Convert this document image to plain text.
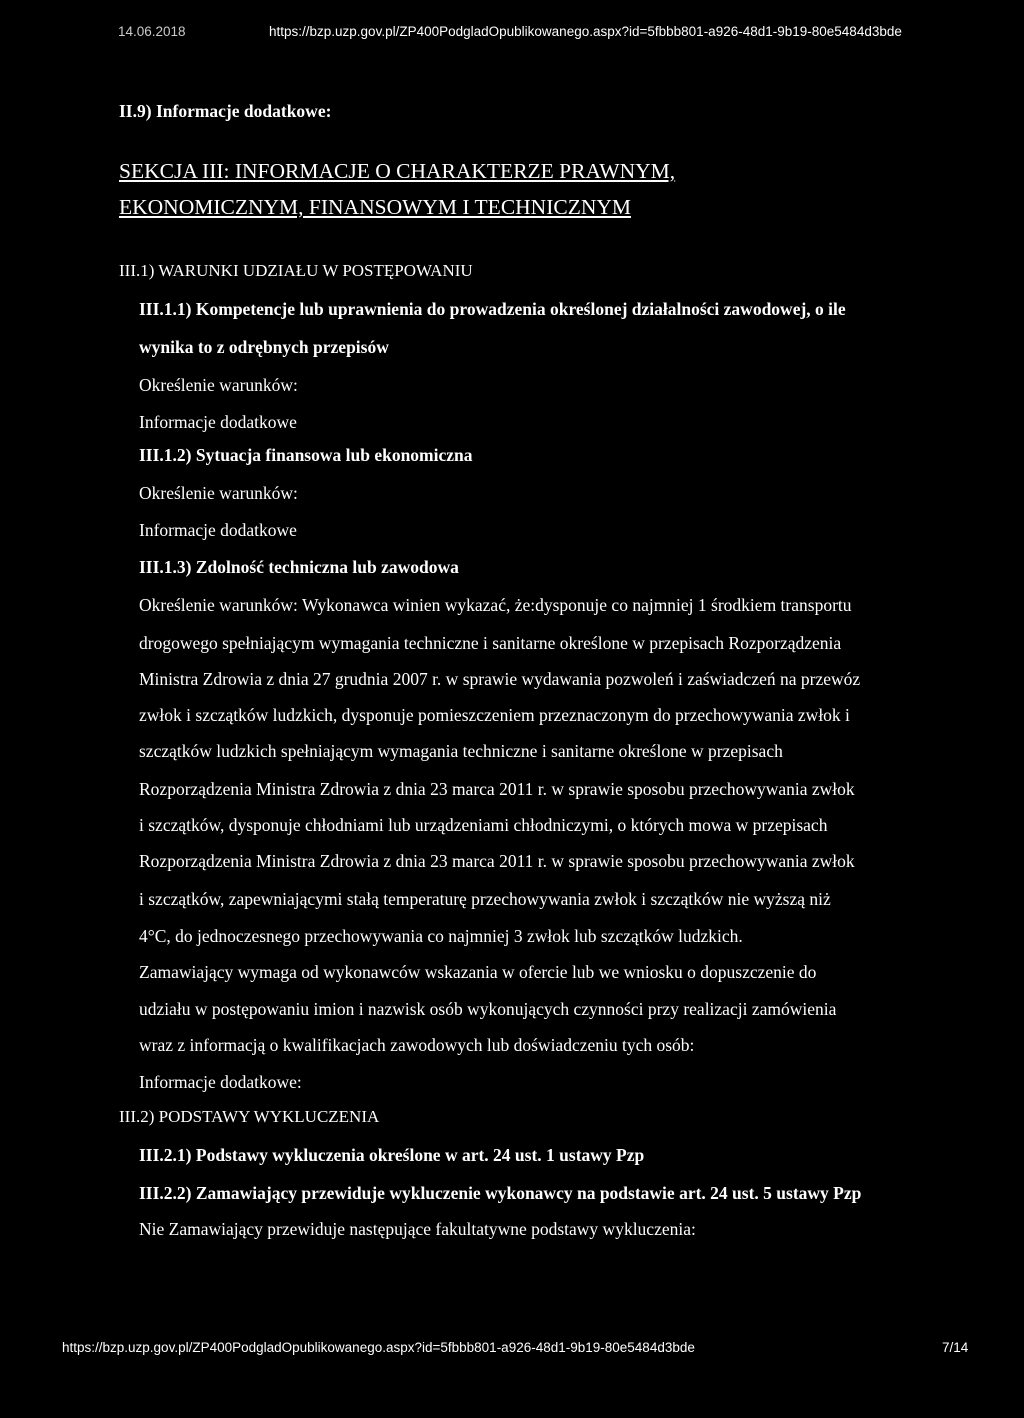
14.06.2018	https://bzp.uzp.gov.pl/ZP400PodgladOpublikowanego.aspx?id=5fbbb801-a926-48d1-9b19-80e5484d3bde
II.9) Informacje dodatkowe:
SEKCJA III: INFORMACJE O CHARAKTERZE PRAWNYM,
EKONOMICZNYM, FINANSOWYM I TECHNICZNYM
III.1) WARUNKI UDZIAŁU W POSTĘPOWANIU
III.1.1) Kompetencje lub uprawnienia do prowadzenia określonej działalności zawodowej, o ile
wynika to z odrębnych przepisów
Określenie warunków:
Informacje dodatkowe
III.1.2) Sytuacja finansowa lub ekonomiczna
Określenie warunków:
Informacje dodatkowe
III.1.3) Zdolność techniczna lub zawodowa
Określenie warunków: Wykonawca winien wykazać, że:dysponuje co najmniej 1 środkiem transportu
drogowego spełniającym wymagania techniczne i sanitarne określone w przepisach Rozporządzenia
Ministra Zdrowia z dnia 27 grudnia 2007 r. w sprawie wydawania pozwoleń i zaświadczeń na przewóz
zwłok i szczątków ludzkich, dysponuje pomieszczeniem przeznaczonym do przechowywania zwłok i
szczątków ludzkich spełniającym wymagania techniczne i sanitarne określone w przepisach
Rozporządzenia Ministra Zdrowia z dnia 23 marca 2011 r. w sprawie sposobu przechowywania zwłok
i szczątków, dysponuje chłodniami lub urządzeniami chłodniczymi, o których mowa w przepisach
Rozporządzenia Ministra Zdrowia z dnia 23 marca 2011 r. w sprawie sposobu przechowywania zwłok
i szczątków, zapewniającymi stałą temperaturę przechowywania zwłok i szczątków nie wyższą niż
4°C, do jednoczesnego przechowywania co najmniej 3 zwłok lub szczątków ludzkich.
Zamawiający wymaga od wykonawców wskazania w ofercie lub we wniosku o dopuszczenie do
udziału w postępowaniu imion i nazwisk osób wykonujących czynności przy realizacji zamówienia
wraz z informacją o kwalifikacjach zawodowych lub doświadczeniu tych osób:
Informacje dodatkowe:
III.2) PODSTAWY WYKLUCZENIA
III.2.1) Podstawy wykluczenia określone w art. 24 ust. 1 ustawy Pzp
III.2.2) Zamawiający przewiduje wykluczenie wykonawcy na podstawie art. 24 ust. 5 ustawy Pzp
Nie Zamawiający przewiduje następujące fakultatywne podstawy wykluczenia:
https://bzp.uzp.gov.pl/ZP400PodgladOpublikowanego.aspx?id=5fbbb801-a926-48d1-9b19-80e5484d3bde	7/14
